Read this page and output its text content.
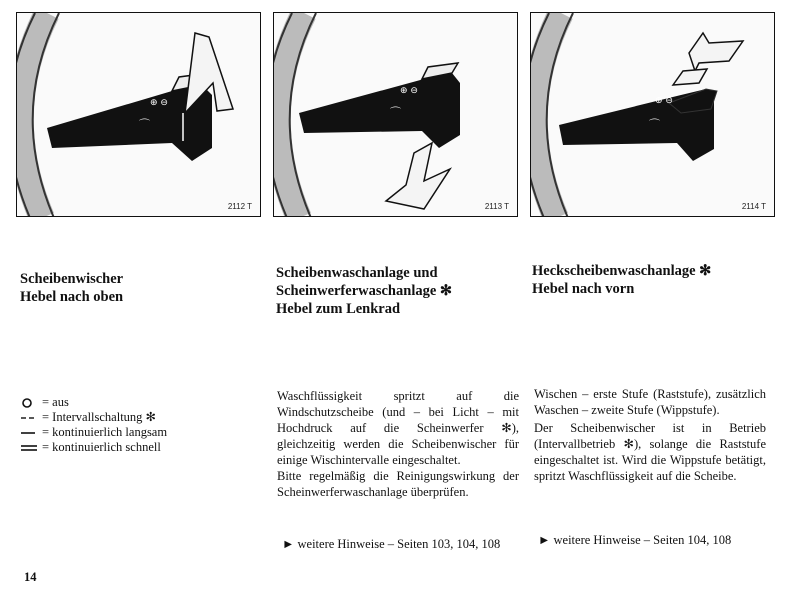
⊕ ⊖
⌒
2112 T
⊕ ⊖
⌒
2113 T
⊕ ⊖
⌒
2114 T
Scheibenwischer
Hebel nach oben
= aus
= Intervallschaltung ✻
= kontinuierlich langsam
= kontinuierlich schnell
Scheibenwaschanlage und
Scheinwerferwaschanlage ✻
Hebel zum Lenkrad

Waschflüssigkeit spritzt auf die Windschutzscheibe (und – bei Licht – mit Hochdruck auf die Scheinwerfer ✻), gleichzeitig werden die Scheibenwischer für einige Wischintervalle eingeschaltet.

Bitte regelmäßig die Reinigungswirkung der Scheinwerferwaschanlage überprüfen.

► weitere Hinweise – Seiten 103, 104, 108
Heckscheibenwaschanlage ✻
Hebel nach vorn

Wischen – erste Stufe (Raststufe), zusätzlich Waschen – zweite Stufe (Wippstufe).

Der Scheibenwischer ist in Betrieb (Intervallbetrieb ✻), solange die Raststufe eingeschaltet ist. Wird die Wippstufe betätigt, spritzt Waschflüssigkeit auf die Scheibe.

► weitere Hinweise – Seiten 104, 108
14
